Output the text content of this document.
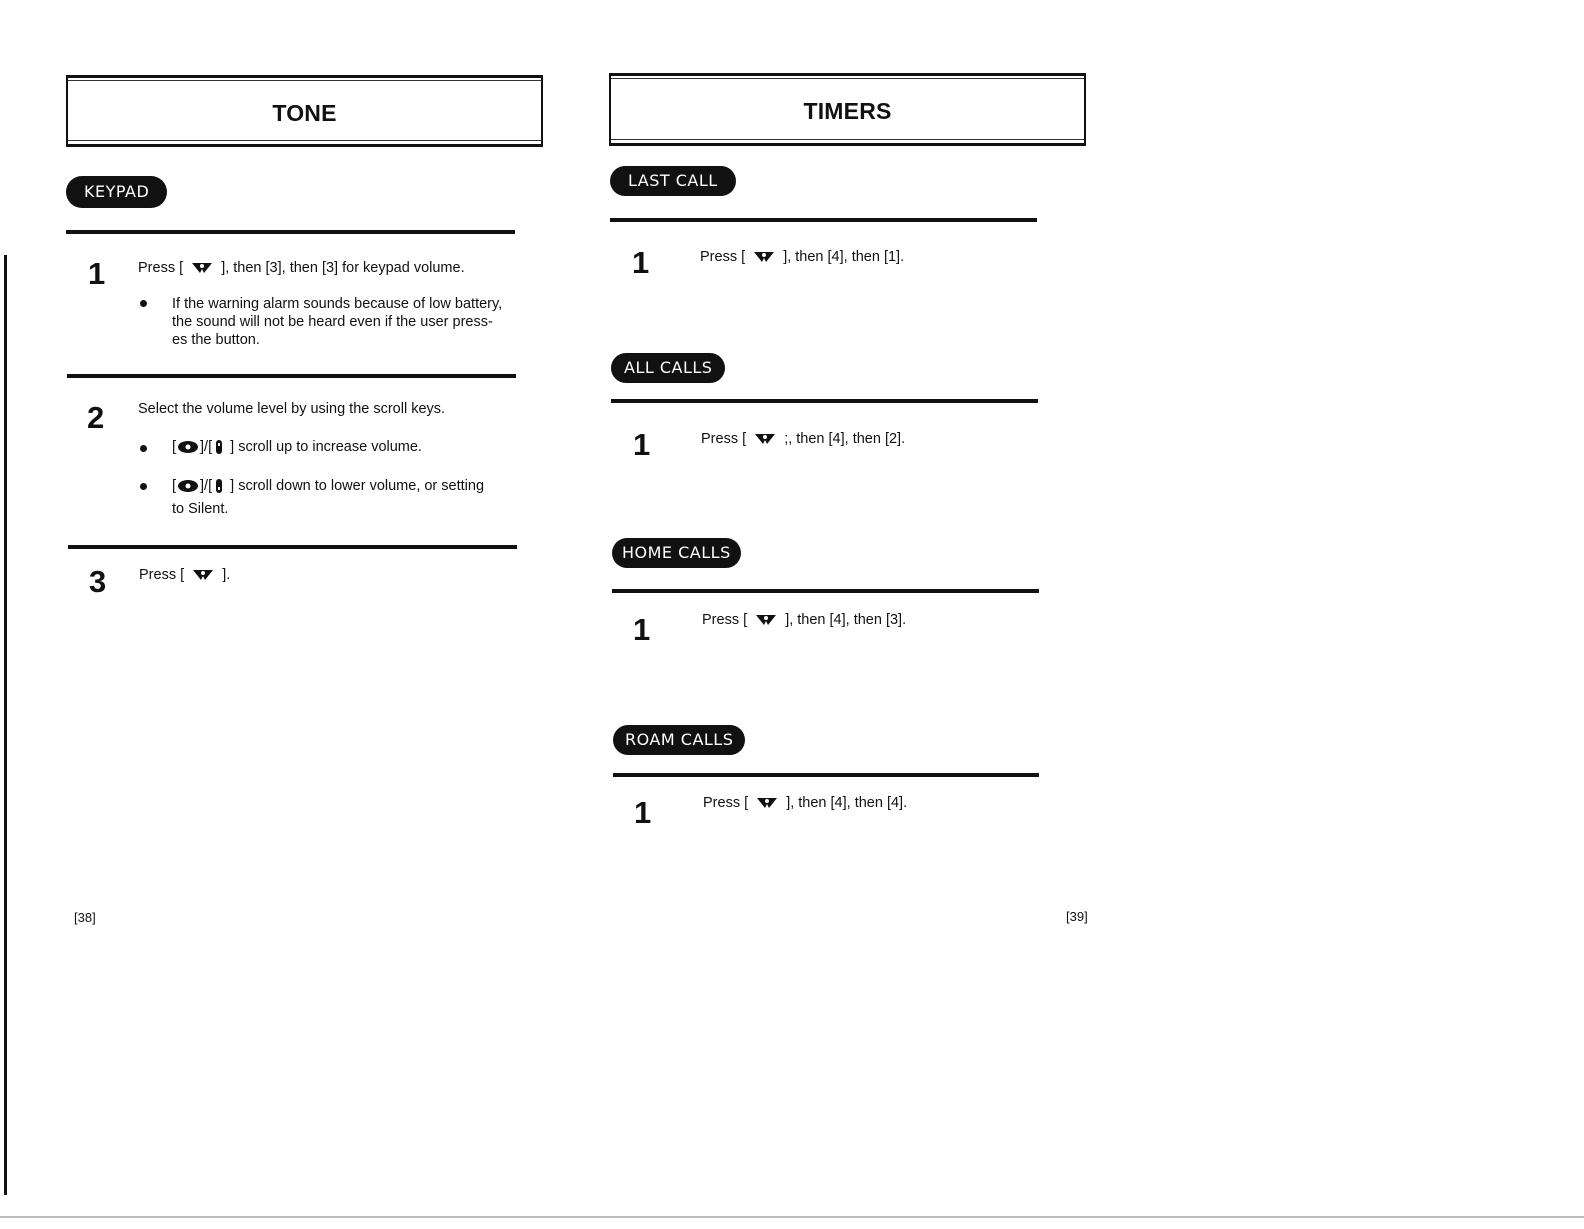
TONE
KEYPAD
1 Press [	], then [3], then [3] for keypad volume.
If the warning alarm sounds because of low battery,
the sound will not be heard even if the user press-
es the button.
2 Select the volume level by using the scroll keys.
[ ]/[ ] scroll up to increase volume.
[ ]/[ ] scroll down to lower volume, or setting
to Silent.
3 Press [	].
[38]
TIMERS
LAST CALL
1	Press [	], then [4], then [1].
ALL CALLS
1	Press [	;, then [4], then [2].
HOME CALLS
1	Press [	], then [4], then [3].
ROAM CALLS
1	Press [	], then [4], then [4].
[39]
